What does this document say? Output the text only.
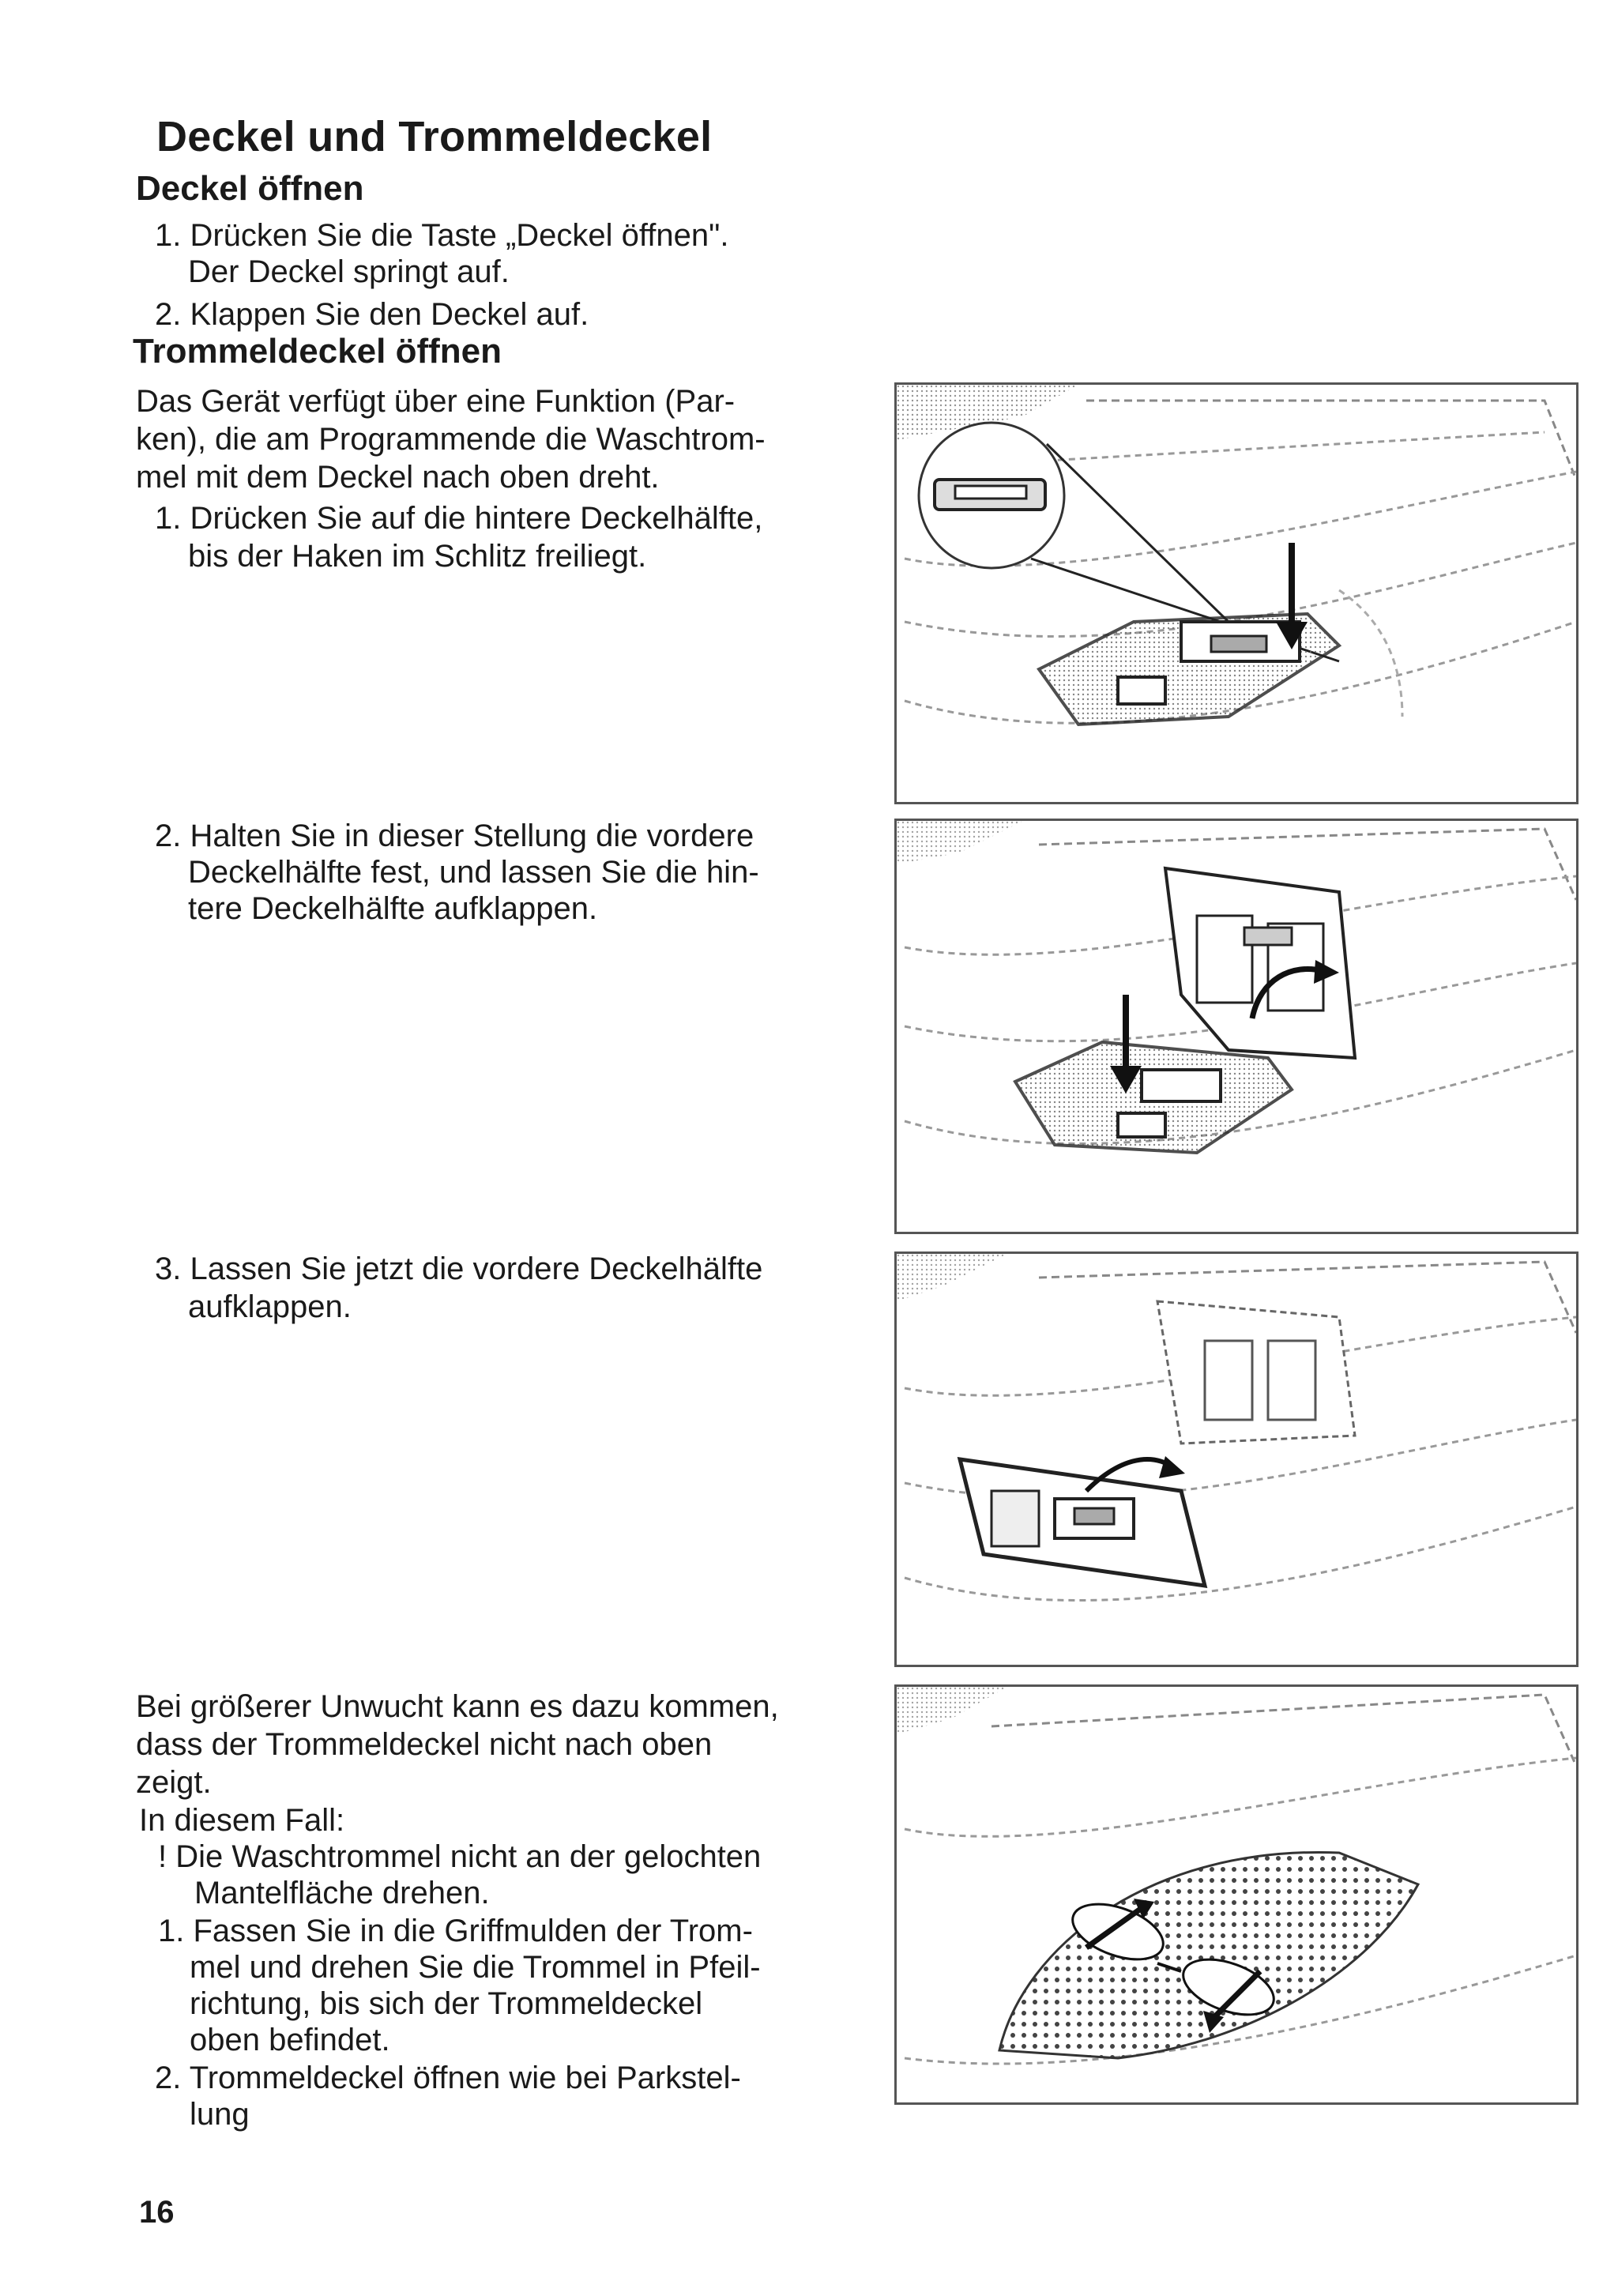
Deckel und Trommeldeckel
Deckel öffnen
1. Drücken Sie die Taste „Deckel öffnen".
Der Deckel springt auf.
2. Klappen Sie den Deckel auf.
Trommeldeckel öffnen
Das Gerät verfügt über eine Funktion (Par-
ken), die am Programmende die Waschtrom-
mel mit dem Deckel nach oben dreht.
1. Drücken Sie auf die hintere Deckelhälfte,
bis der Haken im Schlitz freiliegt.
2. Halten Sie in dieser Stellung die vordere
Deckelhälfte fest, und lassen Sie die hin-
tere Deckelhälfte aufklappen.
3. Lassen Sie jetzt die vordere Deckelhälfte
aufklappen.
Bei größerer Unwucht kann es dazu kommen,
dass der Trommeldeckel nicht nach oben
zeigt.
In diesem Fall:
! Die Waschtrommel nicht an der gelochten
Mantelfläche drehen.
1. Fassen Sie in die Griffmulden der Trom-
mel und drehen Sie die Trommel in Pfeil-
richtung, bis sich der Trommeldeckel
oben befindet.
2. Trommeldeckel öffnen wie bei Parkstel-
lung
16
